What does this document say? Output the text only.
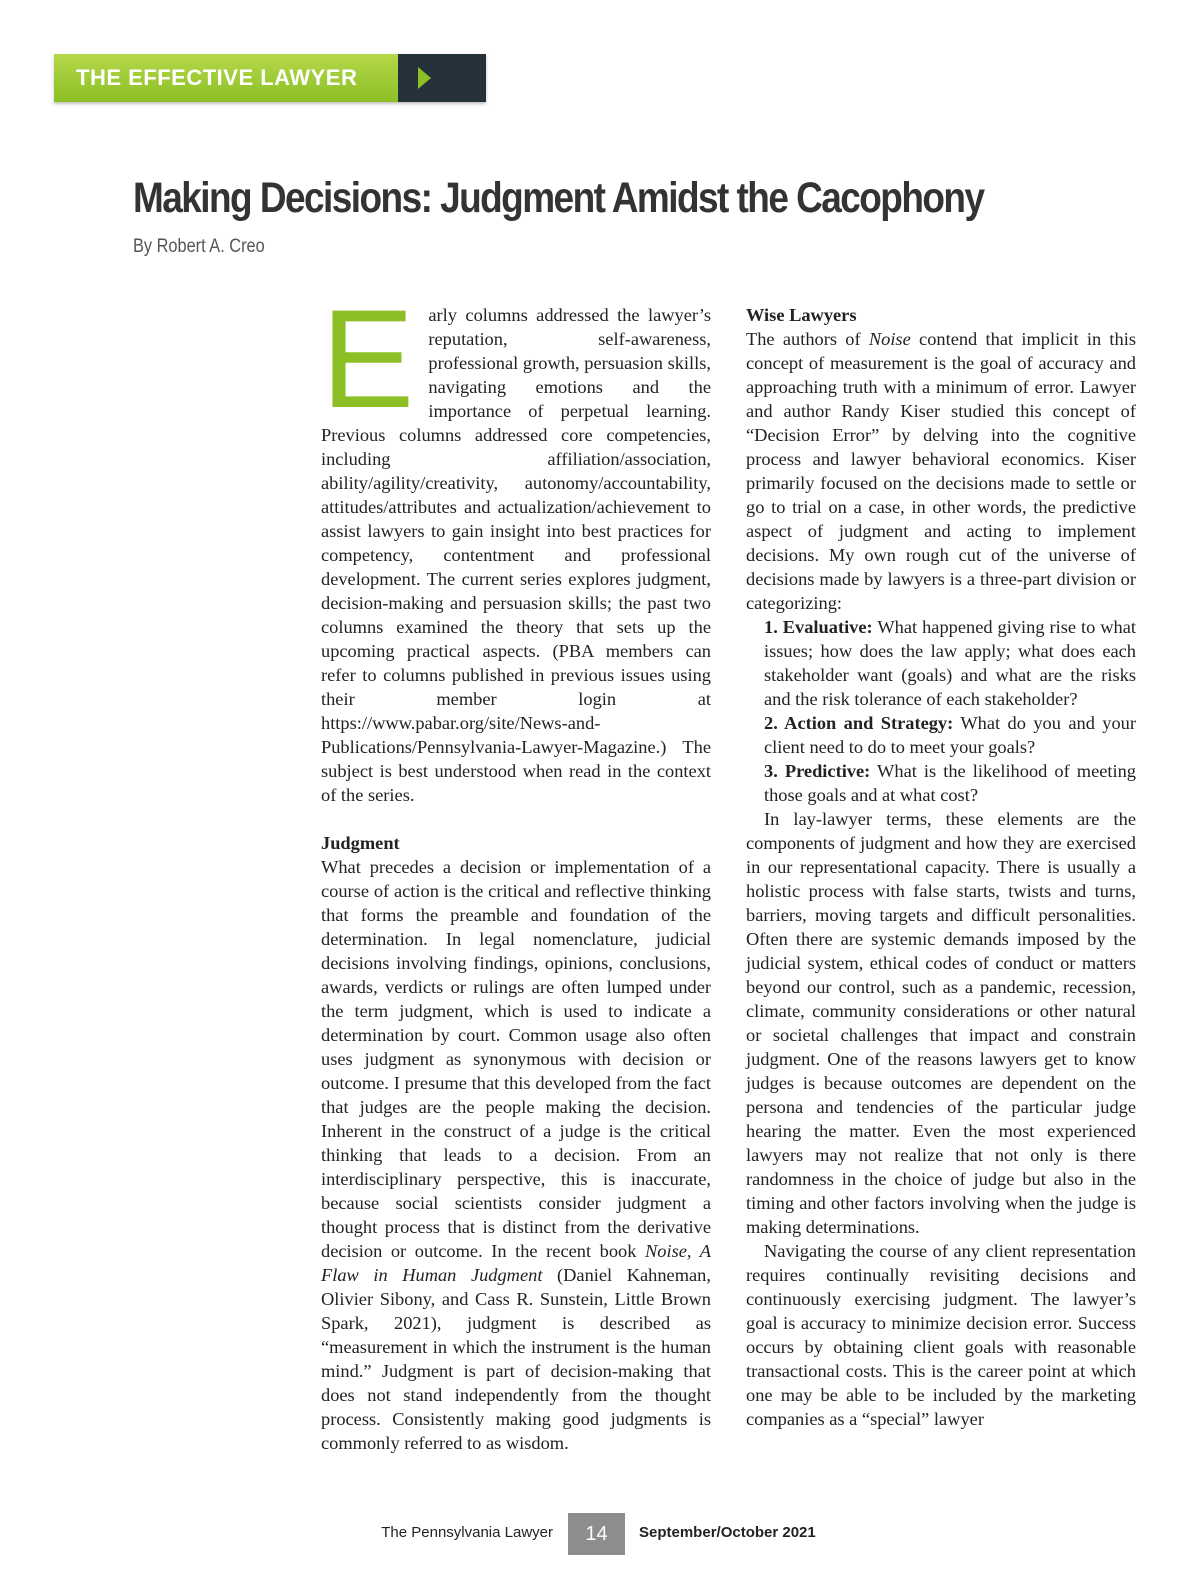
THE EFFECTIVE LAWYER
Making Decisions: Judgment Amidst the Cacophony
By Robert A. Creo

Early columns addressed the lawyer’s reputation, self-awareness, professional growth, persuasion skills, navigating emotions and the importance of perpetual learning. Previous columns addressed core competencies, including affiliation/association, ability/agility/creativity, autonomy/accountability, attitudes/attributes and actualization/achievement to assist lawyers to gain insight into best practices for competency, contentment and professional development. The current series explores judgment, decision-making and persuasion skills; the past two columns examined the theory that sets up the upcoming practical aspects. (PBA members can refer to columns published in previous issues using their member login at https://www.pabar.org/site/News-and-Publications/Pennsylvania-Lawyer-Magazine.) The subject is best understood when read in the context of the series.

Judgment

What precedes a decision or implementation of a course of action is the critical and reflective thinking that forms the preamble and foundation of the determination. In legal nomenclature, judicial decisions involving findings, opinions, conclusions, awards, verdicts or rulings are often lumped under the term judgment, which is used to indicate a determination by court. Common usage also often uses judgment as synonymous with decision or outcome. I presume that this developed from the fact that judges are the people making the decision. Inherent in the construct of a judge is the critical thinking that leads to a decision. From an interdisciplinary perspective, this is inaccurate, because social scientists consider judgment a thought process that is distinct from the derivative decision or outcome. In the recent book Noise, A Flaw in Human Judgment (Daniel Kahneman, Olivier Sibony, and Cass R. Sunstein, Little Brown Spark, 2021), judgment is described as “measurement in which the instrument is the human mind.” Judgment is part of decision-making that does not stand independently from the thought process. Consistently making good judgments is commonly referred to as wisdom.

Wise Lawyers

The authors of Noise contend that implicit in this concept of measurement is the goal of accuracy and approaching truth with a minimum of error. Lawyer and author Randy Kiser studied this concept of “Decision Error” by delving into the cognitive process and lawyer behavioral economics. Kiser primarily focused on the decisions made to settle or go to trial on a case, in other words, the predictive aspect of judgment and acting to implement decisions. My own rough cut of the universe of decisions made by lawyers is a three-part division or categorizing:

1. Evaluative: What happened giving rise to what issues; how does the law apply; what does each stakeholder want (goals) and what are the risks and the risk tolerance of each stakeholder?

2. Action and Strategy: What do you and your client need to do to meet your goals?

3. Predictive: What is the likelihood of meeting those goals and at what cost?

In lay-lawyer terms, these elements are the components of judgment and how they are exercised in our representational capacity. There is usually a holistic process with false starts, twists and turns, barriers, moving targets and difficult personalities. Often there are systemic demands imposed by the judicial system, ethical codes of conduct or matters beyond our control, such as a pandemic, recession, climate, community considerations or other natural or societal challenges that impact and constrain judgment. One of the reasons lawyers get to know judges is because outcomes are dependent on the persona and tendencies of the particular judge hearing the matter. Even the most experienced lawyers may not realize that not only is there randomness in the choice of judge but also in the timing and other factors involving when the judge is making determinations.

Navigating the course of any client representation requires continually revisiting decisions and continuously exercising judgment. The lawyer’s goal is accuracy to minimize decision error. Success occurs by obtaining client goals with reasonable transactional costs. This is the career point at which one may be able to be included by the marketing companies as a “special” lawyer

The Pennsylvania Lawyer	14	September/October 2021
